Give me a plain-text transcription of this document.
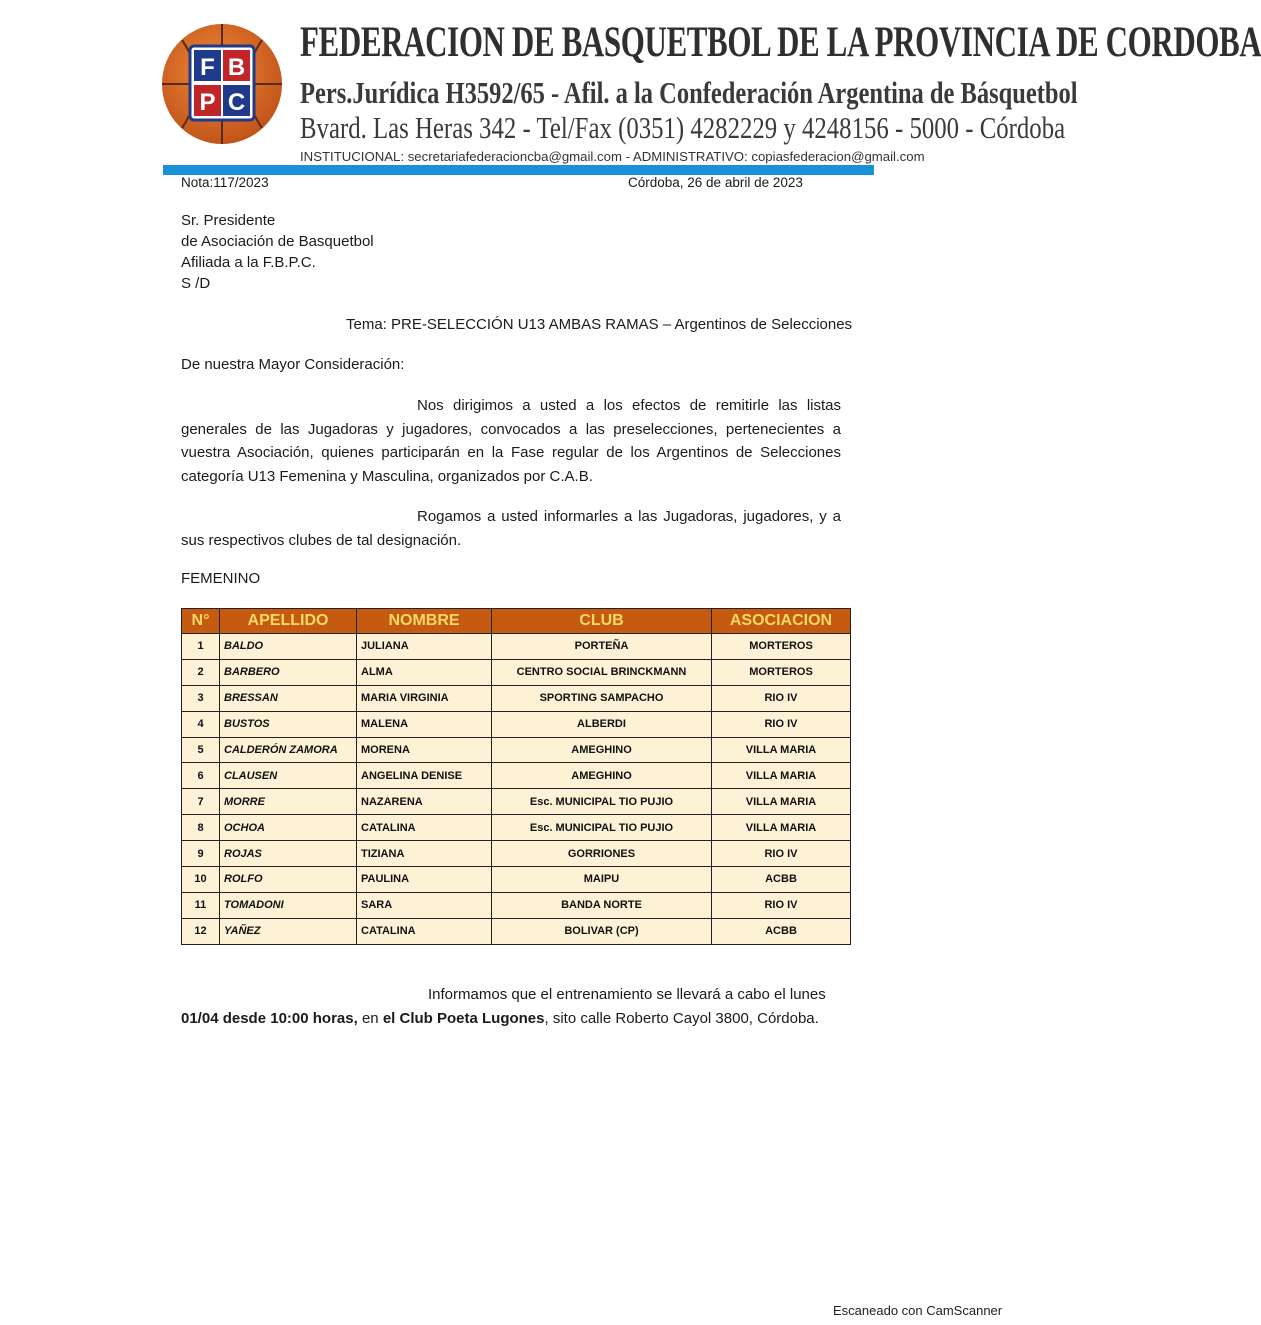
F B
P C
FEDERACION DE BASQUETBOL DE LA PROVINCIA DE CORDOBA
Pers.Jurídica H3592/65 - Afil. a la Confederación Argentina de Básquetbol
Bvard. Las Heras 342 - Tel/Fax (0351) 4282229 y 4248156 - 5000 - Córdoba
INSTITUCIONAL: secretariafederacioncba@gmail.com - ADMINISTRATIVO: copiasfederacion@gmail.com
Nota:117/2023	Córdoba, 26 de abril de 2023
Sr. Presidente
de Asociación de Basquetbol
Afiliada a la F.B.P.C.
S /D
Tema: PRE-SELECCIÓN U13 AMBAS RAMAS – Argentinos de Selecciones
De nuestra Mayor Consideración:
Nos dirigimos a usted a los efectos de remitirle las listas generales de las Jugadoras y jugadores, convocados a las preselecciones, pertenecientes a vuestra Asociación, quienes participarán en la Fase regular de los Argentinos de Selecciones categoría U13 Femenina y Masculina, organizados por C.A.B.
Rogamos a usted informarles a las Jugadoras, jugadores, y a sus respectivos clubes de tal designación.
FEMENINO
N°	APELLIDO	NOMBRE	CLUB	ASOCIACION
1	BALDO	JULIANA	PORTEÑA	MORTEROS
2	BARBERO	ALMA	CENTRO SOCIAL BRINCKMANN	MORTEROS
3	BRESSAN	MARIA VIRGINIA	SPORTING SAMPACHO	RIO IV
4	BUSTOS	MALENA	ALBERDI	RIO IV
5	CALDERÓN ZAMORA	MORENA	AMEGHINO	VILLA MARIA
6	CLAUSEN	ANGELINA DENISE	AMEGHINO	VILLA MARIA
7	MORRE	NAZARENA	Esc. MUNICIPAL TIO PUJIO	VILLA MARIA
8	OCHOA	CATALINA	Esc. MUNICIPAL TIO PUJIO	VILLA MARIA
9	ROJAS	TIZIANA	GORRIONES	RIO IV
10	ROLFO	PAULINA	MAIPU	ACBB
11	TOMADONI	SARA	BANDA NORTE	RIO IV
12	YAÑEZ	CATALINA	BOLIVAR (CP)	ACBB
Informamos que el entrenamiento se llevará a cabo el lunes
01/04 desde 10:00 horas, en el Club Poeta Lugones, sito calle Roberto Cayol 3800, Córdoba.
Escaneado con CamScanner
